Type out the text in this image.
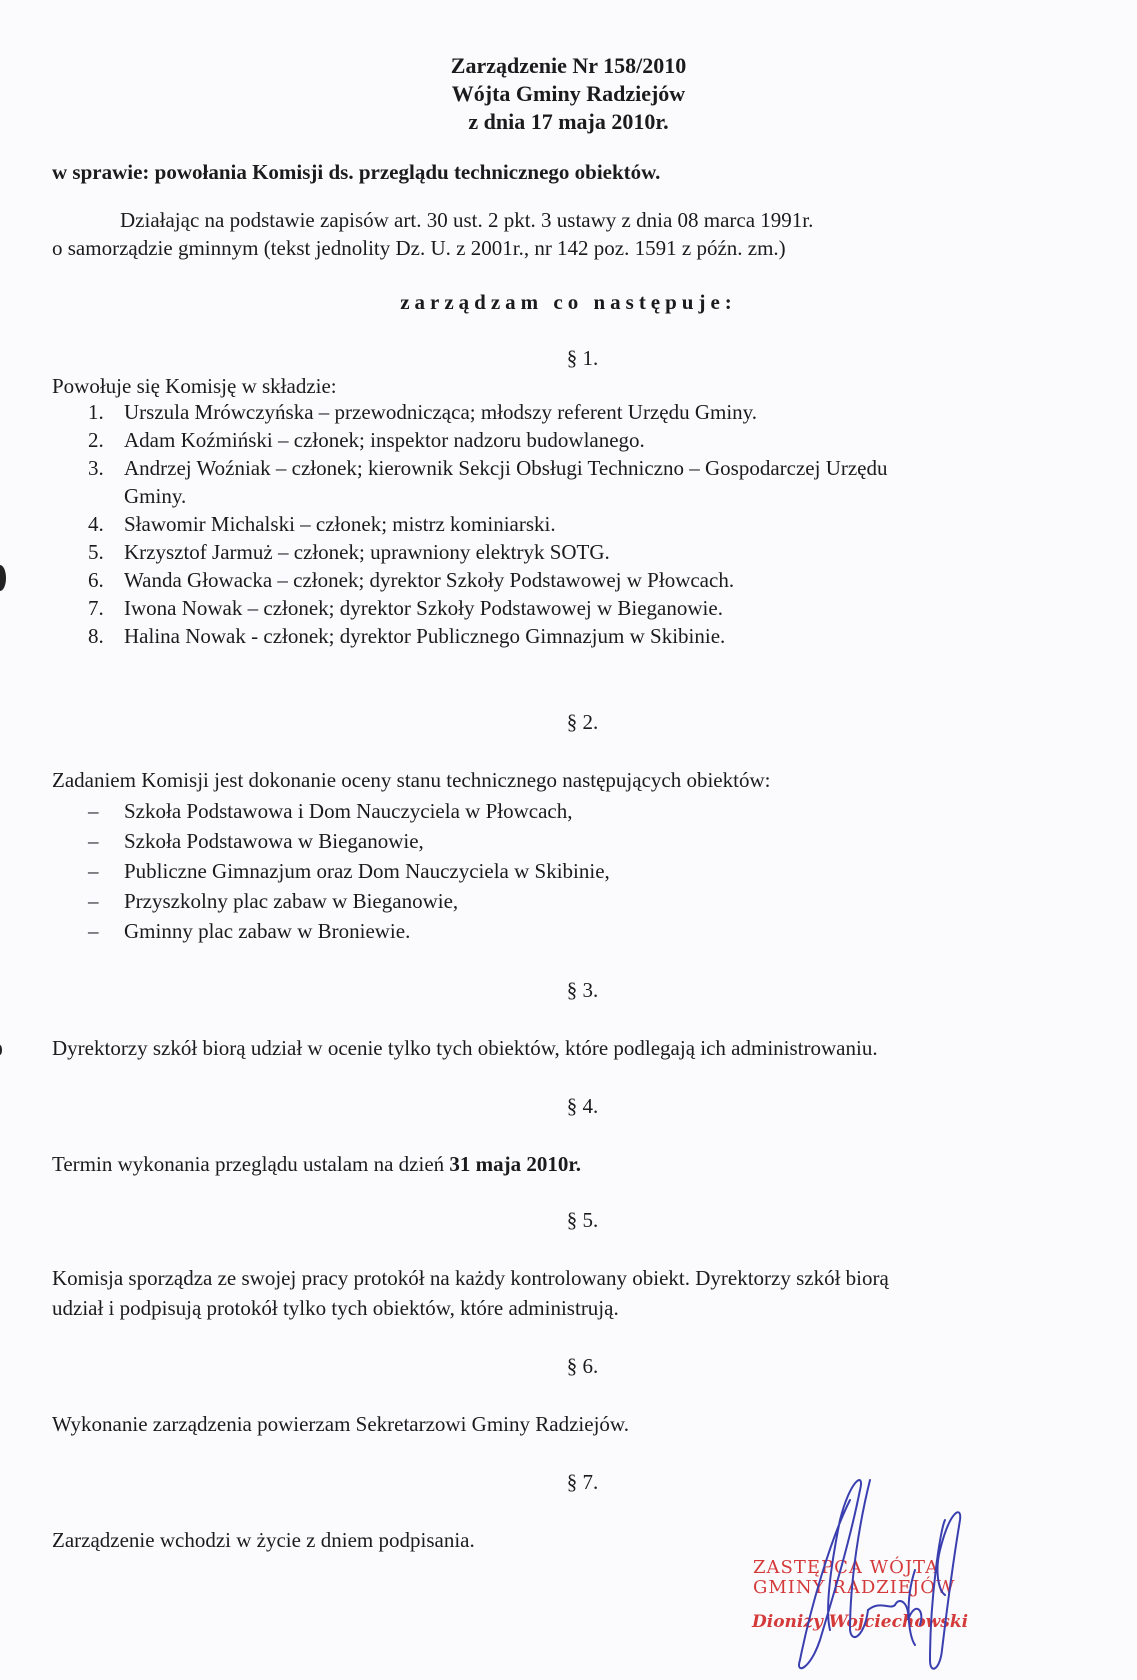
Zarządzenie Nr 158/2010
Wójta Gminy Radziejów
z dnia 17 maja 2010r.
w sprawie: powołania Komisji ds. przeglądu technicznego obiektów.
Działając na podstawie zapisów art. 30 ust. 2 pkt. 3 ustawy z dnia 08 marca 1991r.
o samorządzie gminnym (tekst jednolity Dz. U. z 2001r., nr 142 poz. 1591 z późn. zm.)
zarządzam co następuje:
§ 1.
Powołuje się Komisję w składzie:
1. Urszula Mrówczyńska – przewodnicząca; młodszy referent Urzędu Gminy.
2. Adam Koźmiński – członek; inspektor nadzoru budowlanego.
3. Andrzej Woźniak – członek; kierownik Sekcji Obsługi Techniczno – Gospodarczej Urzędu
Gminy.
4. Sławomir Michalski – członek; mistrz kominiarski.
5. Krzysztof Jarmuż – członek; uprawniony elektryk SOTG.
6. Wanda Głowacka – członek; dyrektor Szkoły Podstawowej w Płowcach.
7. Iwona Nowak – członek; dyrektor Szkoły Podstawowej w Bieganowie.
8. Halina Nowak - członek; dyrektor Publicznego Gimnazjum w Skibinie.
§ 2.
Zadaniem Komisji jest dokonanie oceny stanu technicznego następujących obiektów:
– Szkoła Podstawowa i Dom Nauczyciela w Płowcach,
– Szkoła Podstawowa w Bieganowie,
– Publiczne Gimnazjum oraz Dom Nauczyciela w Skibinie,
– Przyszkolny plac zabaw w Bieganowie,
– Gminny plac zabaw w Broniewie.
§ 3.
Dyrektorzy szkół biorą udział w ocenie tylko tych obiektów, które podlegają ich administrowaniu.
§ 4.
Termin wykonania przeglądu ustalam na dzień 31 maja 2010r.
§ 5.
Komisja sporządza ze swojej pracy protokół na każdy kontrolowany obiekt. Dyrektorzy szkół biorą
udział i podpisują protokół tylko tych obiektów, które administrują.
§ 6.
Wykonanie zarządzenia powierzam Sekretarzowi Gminy Radziejów.
§ 7.
Zarządzenie wchodzi w życie z dniem podpisania.
ZASTĘPCA WÓJTA
GMINY RADZIEJÓW
Dionizy Wojciechowski
